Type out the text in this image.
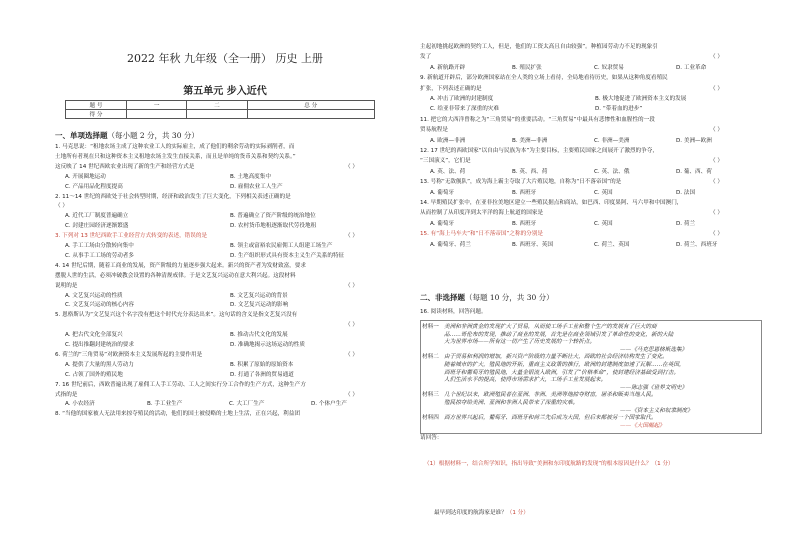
2022 年秋 九年级（全一册） 历史 上册
第五单元 步入近代
题 号	一	二	总 分
得 分			
一、单项选择题（每小题 2 分，共 30 分）
1. 马克思说：“租地农场主成了这种农业工人的实际雇主，成了他们的剩余劳动的实际剥削者，而
土地所有者现在只和这种资本主义租地农场主发生直接关系，而且是单纯的货币关系和契约关系。”
这反映了 14 世纪西欧农业出现了新的生产和经营方式是	（ ）
A. 开展圈地运动	B. 土地高度集中
C. 产品用品化程度提高	D. 雇佣农业工人生产
2. 11～14 世纪的西欧处于社会转型时期，经济和政治发生了巨大变化，下列相关表述正确的是
（ ）
A. 近代工厂制度普遍确立	B. 普遍确立了资产阶级的统治地位
C. 封建庄园经济逐渐繁盛	D. 农村货币地租逐渐取代劳役地租
3. 下列对 13 世纪西欧手工业经营方式转变的表述，错误的是	（ ）
A. 手工工场由分散转向集中	B. 领主或富裕农民雇佣工人组建工场生产
C. 从事手工工场的劳动者多	D. 生产组织形式具有资本主义生产关系的特征
4. 14 世纪后期，随着工商业的发展，资产阶级的力量逐步强大起来。新兴的资产者为发财致富，要求
摆脱人世的生活，必须冲破教会设置的各种清规戒律。于是文艺复兴运动在意大利兴起。这段材料
说明的是	（ ）
A. 文艺复兴运动的性质	B. 文艺复兴运动的背景
C. 文艺复兴运动的核心内容	D. 文艺复兴运动的影响
5. 恩格斯认为“文艺复兴这个名字没有把这个时代充分表达出来”。这句话的含义是指文艺复兴没有
（ ）
A. 把古代文化全部复兴	B. 推动古代文化的发展
C. 提出推翻封建统治的要求	D. 准确地揭示这场运动的性质
6. 荷兰的“三角贸易”对欧洲资本主义发展所起的主要作用是	（ ）
A. 提供了大量的黑人劳动力	B. 积累了原始的原始资本
C. 占领了国外的殖民地	D. 打通了各洲的贸易通道
7. 16 世纪前后，西欧普遍出现了雇佣工人手工劳动、工人之间实行分工合作的生产方式，这种生产方
式指的是	（ ）
A. 小农经济	B. 手工业生产	C. 大工厂生产	D. 个体户生产
8. “当他的国家被人无法用来掠夺殖民的活动，他们的国土被侵略的土地上生活，正在兴起，利益团
主起初地挑起欧洲的契约工人，但是，他们的工资太高且自由较强”。种植园劳动力不足的现象引
发了	（ ）
A. 新航路开辟	B. 殖民扩张	C. 奴隶贸易	D. 工业革命
9. 新航道开辟后，部分欧洲国家站在全人类的立场上看待，全局地看待历史，如果从这种角度看殖民
扩张，下列表述正确的是	（ ）
A. 冲击了欧洲的封建制度	B. 极大地促进了欧洲资本主义的发展
C. 给亚非带来了深重的灾难	D. “带着血的进步”
11. 把它的大西洋曾称之为“三角贸易”的重要活动。“三角贸易”中最具有悲惨性和血腥性的一段
贸易航程是	（ ）
A. 欧洲—非洲	B. 美洲—非洲	C. 非洲—美洲	D. 美洲—欧洲
12. 17 世纪的西欧国家“以自由与民族为本”为主要目标，主要殖民国家之间展开了激烈的争夺，
“三国演义”，它们是	（ ）
A. 英、法、荷	B. 英、西、荷	C. 英、法、俄	D. 葡、西、荷
13. 号称“无敌舰队”，成为海上霸主夺取了大片殖民地，自称为“日不落帝国”的是	（ ）
A. 葡萄牙	B. 西班牙	C. 英国	D. 法国
14. 早期殖民扩张中，在亚非拉美地区建立一些殖民据点和商站，如巴西、印度果阿、马六甲和中国澳门，
从而控制了从印度洋到太平洋的海上航道的国家是	（ ）
A. 葡萄牙	B. 西班牙	C. 英国	D. 荷兰
15. 有“海上马车夫”和“日不落帝国”之称的分别是	（ ）
A. 葡萄牙、荷兰	B. 西班牙、英国	C. 荷兰、英国	D. 荷兰、西班牙
二、非选择题（每题 10 分，共 30 分）
16. 阅读材料，回答问题。
材料一 美洲和非洲黄金的发现扩大了贸易，从而使工场手工业和整个生产的发展有了巨大的商
品……哥伦布的发现，推动了商业的发展，首先是在商业领域引发了革命性的变化，新的大陆
大为世界市场——所有这一切产生了历史发展的一个转折点。
——《马克思恩格斯选集》
材料二 由于贸易和利润的增加，新兴资产阶级的力量不断壮大，西欧的社会经济结构发生了变化。
随着城市的扩大，殖民地的开拓，重商主义政策的推行，欧洲的封建制度加速了瓦解……在英国，
西班牙和葡萄牙的殖民地，大量金银流入欧洲，引发了“价格革命”，使封建经济基础受到打击。
人们生活水平的提高，使得市场需求扩大，工场手工业发展起来。
——陈志强《世界文明史》
材料三 几个世纪以来，欧洲殖民者在亚洲、非洲、美洲等地掠夺财富，屠杀和贩卖当地人民。
殖民掠夺给美洲、亚洲和非洲人民带来了深重的灾难。
——《资本主义和奴隶制度》
材料四 西方世界兴起后，葡萄牙、西班牙和荷兰先后成为大国，但后来都被另一个国家取代。
——《大国崛起》
请回答：
（1）根据材料一，结合所学知识，指出导致“美洲和东印度航路的发现”的根本原因是什么？（1 分）
最早到达印度的航海家是谁？（1 分）
